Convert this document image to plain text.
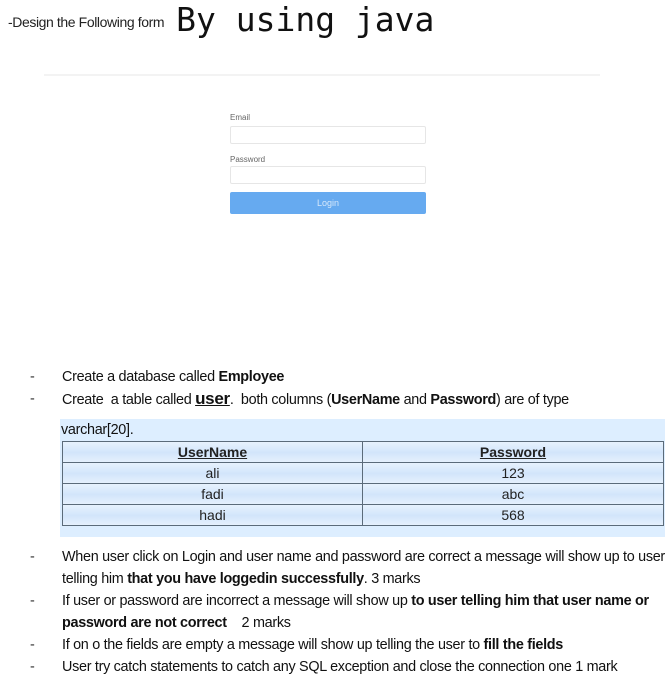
-Design the Following form By using java
Email
Password
Login
-	Create a database called Employee
-	Create  a table called user.  both columns (UserName and Password) are of type
varchar[20].
UserName	Password
ali	123
fadi	abc
hadi	568
-	When user click on Login and user name and password are correct a message will show up to user telling him that you have loggedin successfully. 3 marks
-	If user or password are incorrect a message will show up to user telling him that user name or password are not correct    2 marks
-	If on o the fields are empty a message will show up telling the user to fill the fields
-	User try catch statements to catch any SQL exception and close the connection one 1 mark
